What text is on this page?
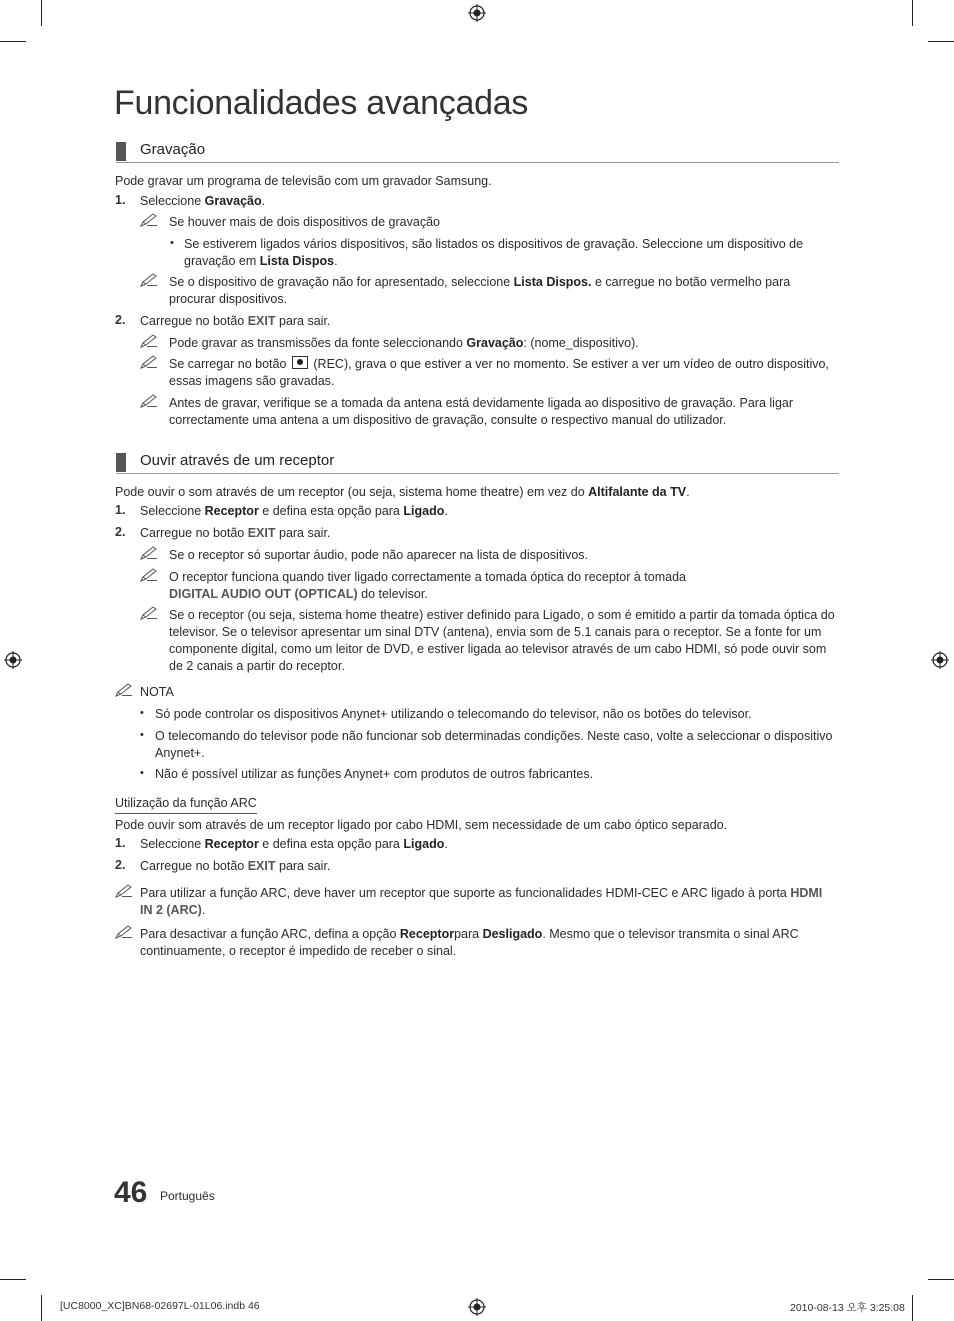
Funcionalidades avançadas
Gravação
Pode gravar um programa de televisão com um gravador Samsung.
1. Seleccione Gravação.
Se houver mais de dois dispositivos de gravação
• Se estiverem ligados vários dispositivos, são listados os dispositivos de gravação. Seleccione um dispositivo de gravação em Lista Dispos.
Se o dispositivo de gravação não for apresentado, seleccione Lista Dispos. e carregue no botão vermelho para procurar dispositivos.
2. Carregue no botão EXIT para sair.
Pode gravar as transmissões da fonte seleccionando Gravação: (nome_dispositivo).
Se carregar no botão  (REC), grava o que estiver a ver no momento. Se estiver a ver um vídeo de outro dispositivo, essas imagens são gravadas.
Antes de gravar, verifique se a tomada da antena está devidamente ligada ao dispositivo de gravação. Para ligar correctamente uma antena a um dispositivo de gravação, consulte o respectivo manual do utilizador.
Ouvir através de um receptor
Pode ouvir o som através de um receptor (ou seja, sistema home theatre) em vez do Altifalante da TV.
1. Seleccione Receptor e defina esta opção para Ligado.
2. Carregue no botão EXIT para sair.
Se o receptor só suportar áudio, pode não aparecer na lista de dispositivos.
O receptor funciona quando tiver ligado correctamente a tomada óptica do receptor à tomada
DIGITAL AUDIO OUT (OPTICAL) do televisor.
Se o receptor (ou seja, sistema home theatre) estiver definido para Ligado, o som é emitido a partir da tomada óptica do televisor. Se o televisor apresentar um sinal DTV (antena), envia som de 5.1 canais para o receptor. Se a fonte for um componente digital, como um leitor de DVD, e estiver ligada ao televisor através de um cabo HDMI, só pode ouvir som de 2 canais a partir do receptor.
NOTA
• Só pode controlar os dispositivos Anynet+ utilizando o telecomando do televisor, não os botões do televisor.
• O telecomando do televisor pode não funcionar sob determinadas condições. Neste caso, volte a seleccionar o dispositivo Anynet+.
• Não é possível utilizar as funções Anynet+ com produtos de outros fabricantes.
Utilização da função ARC
Pode ouvir som através de um receptor ligado por cabo HDMI, sem necessidade de um cabo óptico separado.
1. Seleccione Receptor e defina esta opção para Ligado.
2. Carregue no botão EXIT para sair.
Para utilizar a função ARC, deve haver um receptor que suporte as funcionalidades HDMI-CEC e ARC ligado à porta HDMI IN 2 (ARC).
Para desactivar a função ARC, defina a opção Receptorpara Desligado. Mesmo que o televisor transmita o sinal ARC continuamente, o receptor é impedido de receber o sinal.
46 Português
[UC8000_XC]BN68-02697L-01L06.indb 46	2010-08-13 오후 3:25:08
